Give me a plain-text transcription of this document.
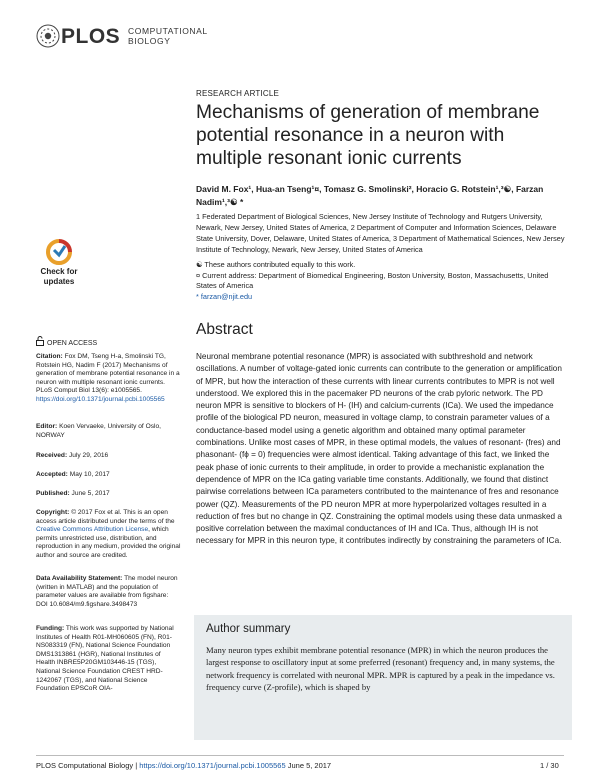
PLOS COMPUTATIONAL
BIOLOGY
RESEARCH ARTICLE
Mechanisms of generation of membrane potential resonance in a neuron with multiple resonant ionic currents
David M. Fox¹, Hua-an Tseng¹¤, Tomasz G. Smolinski², Horacio G. Rotstein¹,³☯, Farzan Nadim¹,³☯ *
1 Federated Department of Biological Sciences, New Jersey Institute of Technology and Rutgers University, Newark, New Jersey, United States of America, 2 Department of Computer and Information Sciences, Delaware State University, Dover, Delaware, United States of America, 3 Department of Mathematical Sciences, New Jersey Institute of Technology, Newark, New Jersey, United States of America
☯ These authors contributed equally to this work.
¤ Current address: Department of Biomedical Engineering, Boston University, Boston, Massachusetts, United States of America
* farzan@njit.edu
Check for
updates
OPEN ACCESS
Citation: Fox DM, Tseng H-a, Smolinski TG, Rotstein HG, Nadim F (2017) Mechanisms of generation of membrane potential resonance in a neuron with multiple resonant ionic currents. PLoS Comput Biol 13(6): e1005565. https://doi.org/10.1371/journal.pcbi.1005565
Editor: Koen Vervaeke, University of Oslo, NORWAY
Received: July 29, 2016
Accepted: May 10, 2017
Published: June 5, 2017
Copyright: © 2017 Fox et al. This is an open access article distributed under the terms of the Creative Commons Attribution License, which permits unrestricted use, distribution, and reproduction in any medium, provided the original author and source are credited.
Data Availability Statement: The model neuron (written in MATLAB) and the population of parameter values are available from figshare: DOI 10.6084/m9.figshare.3498473
Funding: This work was supported by National Institutes of Health R01-MH060605 (FN), R01-NS083319 (FN), National Science Foundation DMS1313861 (HGR), National Institutes of Health INBRE5P20GM103446-15 (TGS), National Science Foundation CREST HRD-1242067 (TGS), and National Science Foundation EPSCoR OIA-
Abstract
Neuronal membrane potential resonance (MPR) is associated with subthreshold and network oscillations. A number of voltage-gated ionic currents can contribute to the generation or amplification of MPR, but how the interaction of these currents with linear currents contributes to MPR is not well understood. We explored this in the pacemaker PD neurons of the crab pyloric network. The PD neuron MPR is sensitive to blockers of H- (IH) and calcium-currents (ICa). We used the impedance profile of the biological PD neuron, measured in voltage clamp, to constrain parameter values of a conductance-based model using a genetic algorithm and obtained many optimal parameter combinations. Unlike most cases of MPR, in these optimal models, the values of resonant- (fres) and phasonant- (fϕ = 0) frequencies were almost identical. Taking advantage of this fact, we linked the peak phase of ionic currents to their amplitude, in order to provide a mechanistic explanation the dependence of MPR on the ICa gating variable time constants. Additionally, we found that distinct pairwise correlations between ICa parameters contributed to the maintenance of fres and resonance power (QZ). Measurements of the PD neuron MPR at more hyperpolarized voltages resulted in a reduction of fres but no change in QZ. Constraining the optimal models using these data unmasked a positive correlation between the maximal conductances of IH and ICa. Thus, although IH is not necessary for MPR in this neuron type, it contributes indirectly by constraining the parameters of ICa.
Author summary
Many neuron types exhibit membrane potential resonance (MPR) in which the neuron produces the largest response to oscillatory input at some preferred (resonant) frequency and, in many systems, the network frequency is correlated with neuronal MPR. MPR is captured by a peak in the impedance vs. frequency curve (Z-profile), which is shaped by
PLOS Computational Biology | https://doi.org/10.1371/journal.pcbi.1005565 June 5, 2017	1 / 30
